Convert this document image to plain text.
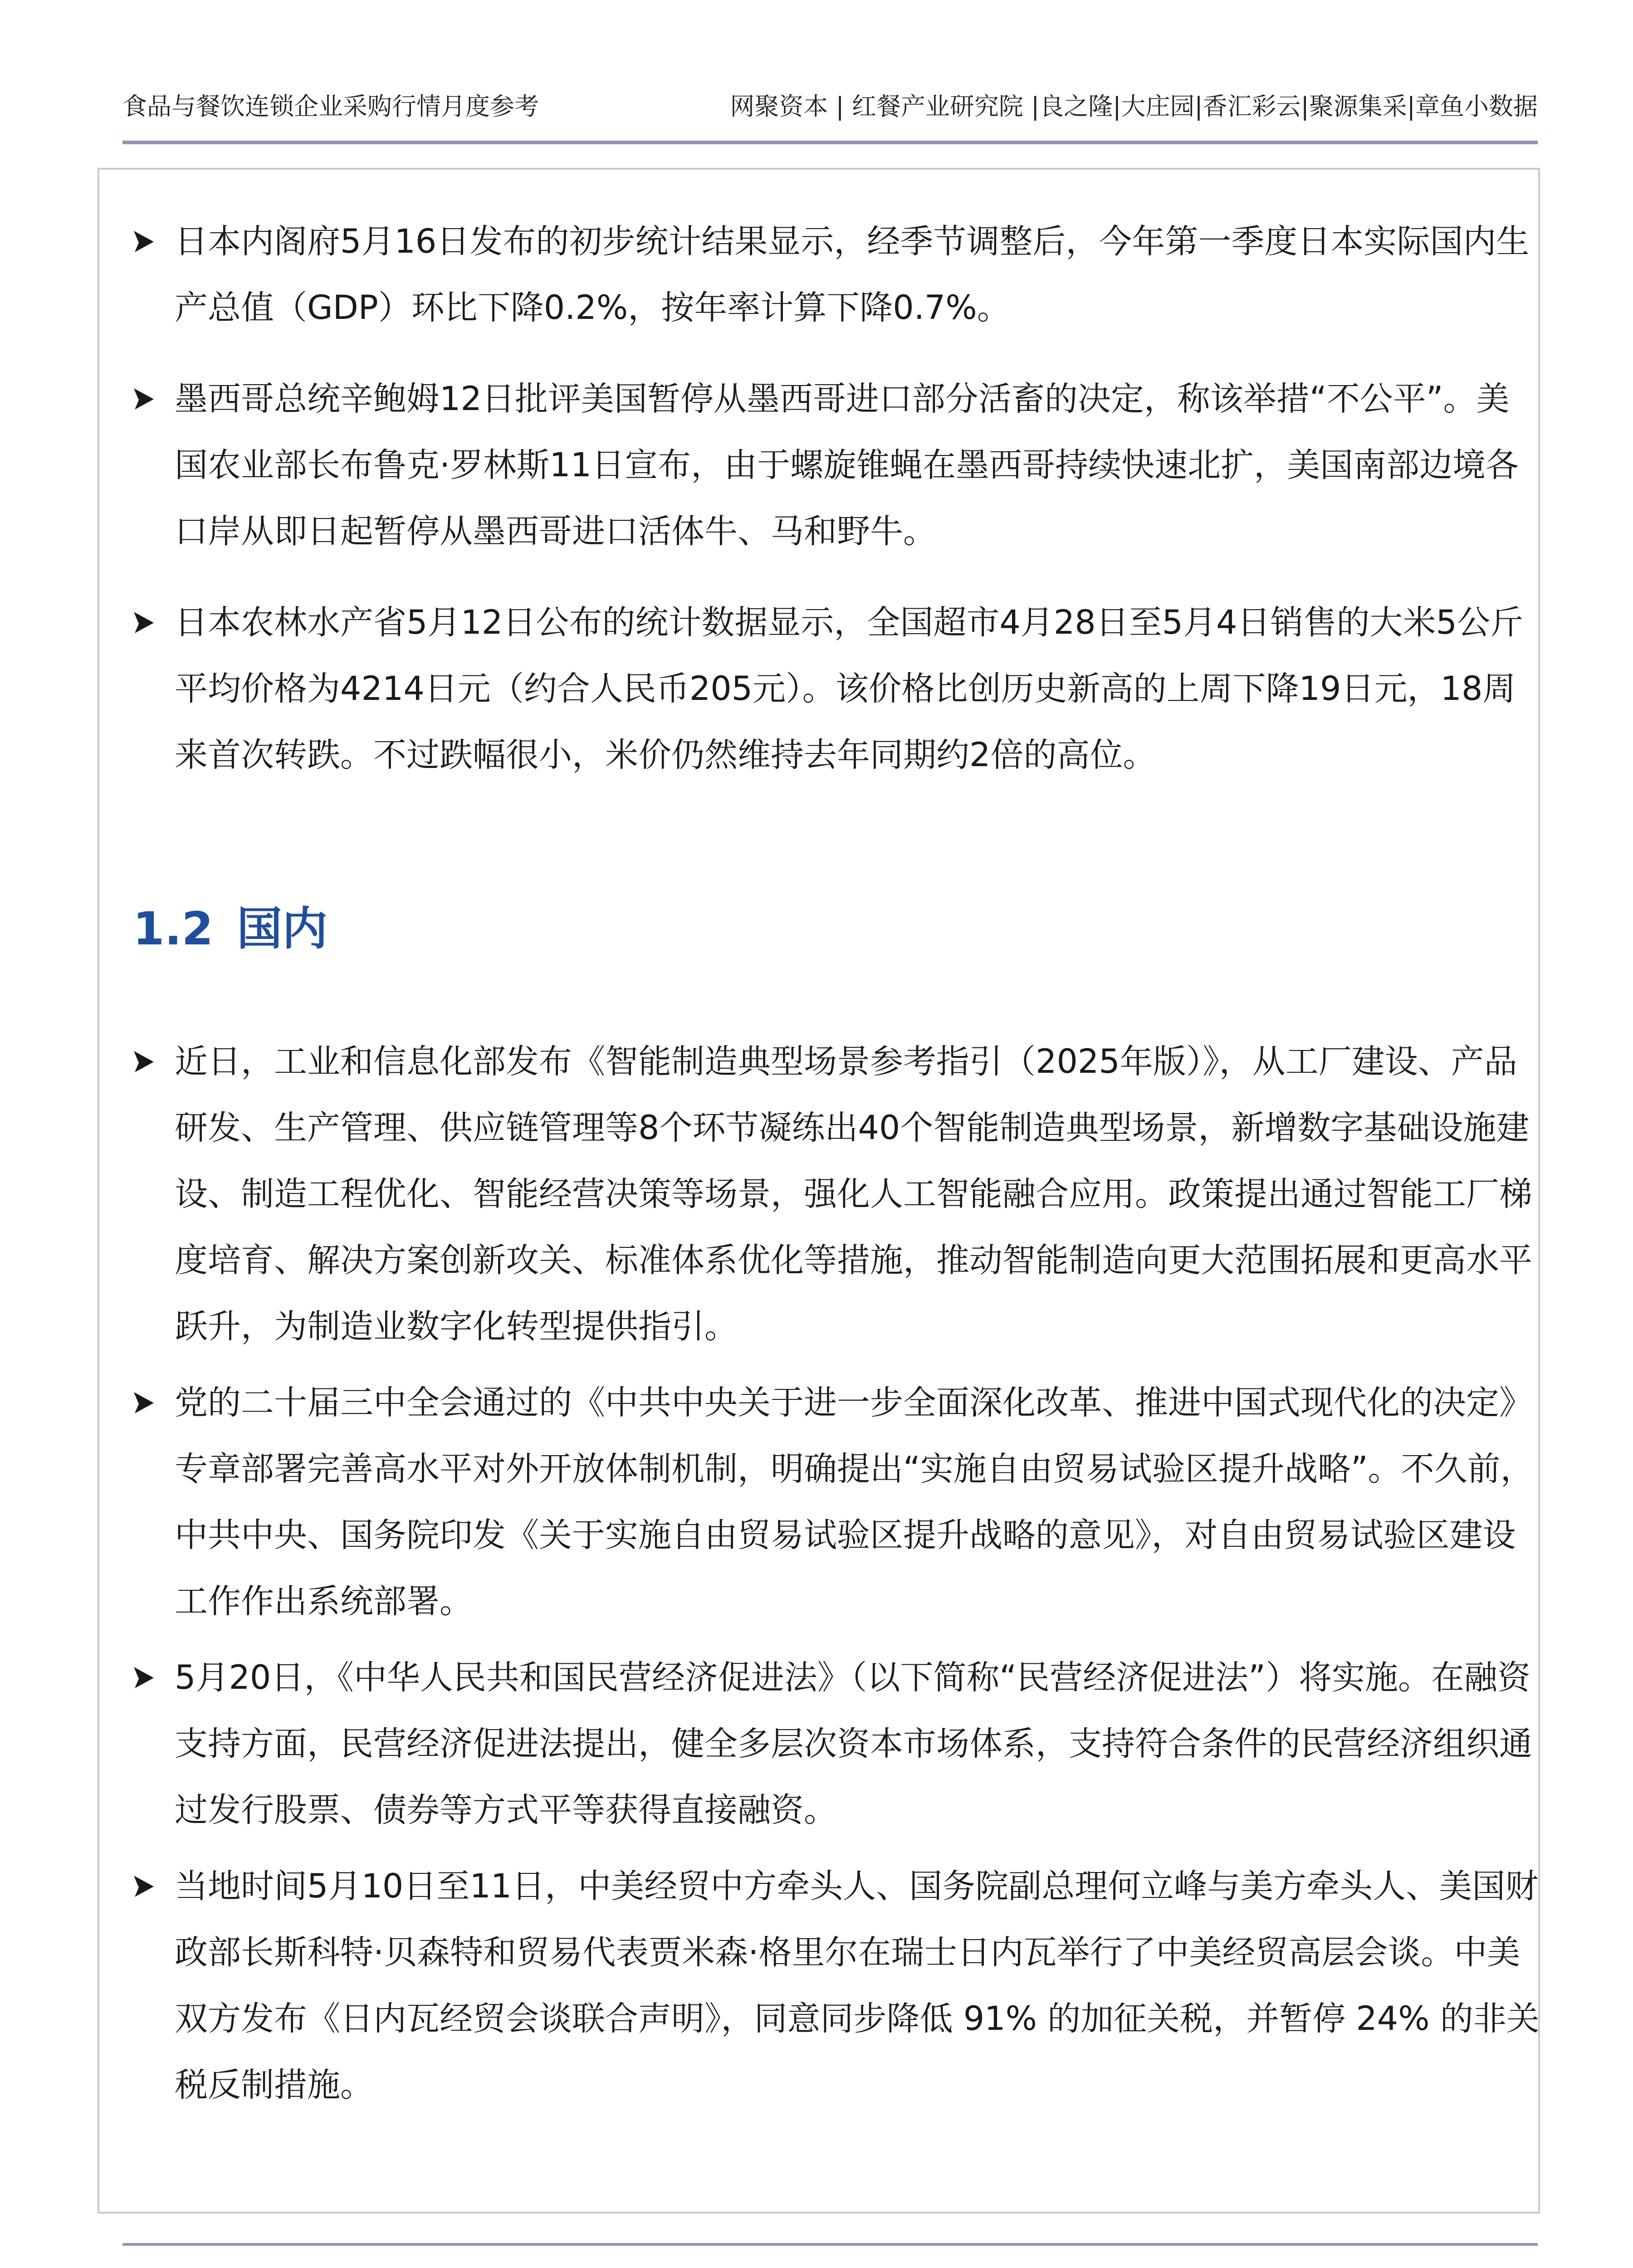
食品与餐饮连锁企业采购行情月度参考	网聚资本 | 红餐产业研究院 |良之隆|大庄园|香汇彩云|聚源集采|章鱼小数据

日本内阁府5月16日发布的初步统计结果显示，经季节调整后，今年第一季度日本实际国内生产总值（GDP）环比下降0.2%，按年率计算下降0.7%。

墨西哥总统辛鲍姆12日批评美国暂停从墨西哥进口部分活畜的决定，称该举措“不公平”。美国农业部长布鲁克·罗林斯11日宣布，由于螺旋锥蝇在墨西哥持续快速北扩，美国南部边境各口岸从即日起暂停从墨西哥进口活体牛、马和野牛。

日本农林水产省5月12日公布的统计数据显示，全国超市4月28日至5月4日销售的大米5公斤平均价格为4214日元（约合人民币205元）。该价格比创历史新高的上周下降19日元，18周来首次转跌。不过跌幅很小，米价仍然维持去年同期约2倍的高位。

1.2 国内

近日，工业和信息化部发布《智能制造典型场景参考指引（2025年版）》，从工厂建设、产品研发、生产管理、供应链管理等8个环节凝练出40个智能制造典型场景，新增数字基础设施建设、制造工程优化、智能经营决策等场景，强化人工智能融合应用。政策提出通过智能工厂梯度培育、解决方案创新攻关、标准体系优化等措施，推动智能制造向更大范围拓展和更高水平跃升，为制造业数字化转型提供指引。

党的二十届三中全会通过的《中共中央关于进一步全面深化改革、推进中国式现代化的决定》专章部署完善高水平对外开放体制机制，明确提出“实施自由贸易试验区提升战略”。不久前，中共中央、国务院印发《关于实施自由贸易试验区提升战略的意见》，对自由贸易试验区建设工作作出系统部署。

5月20日，《中华人民共和国民营经济促进法》（以下简称“民营经济促进法”）将实施。在融资支持方面，民营经济促进法提出，健全多层次资本市场体系，支持符合条件的民营经济组织通过发行股票、债券等方式平等获得直接融资。

当地时间5月10日至11日，中美经贸中方牵头人、国务院副总理何立峰与美方牵头人、美国财政部长斯科特·贝森特和贸易代表贾米森·格里尔在瑞士日内瓦举行了中美经贸高层会谈。中美双方发布《日内瓦经贸会谈联合声明》，同意同步降低 91% 的加征关税，并暂停 24% 的非关税反制措施。
